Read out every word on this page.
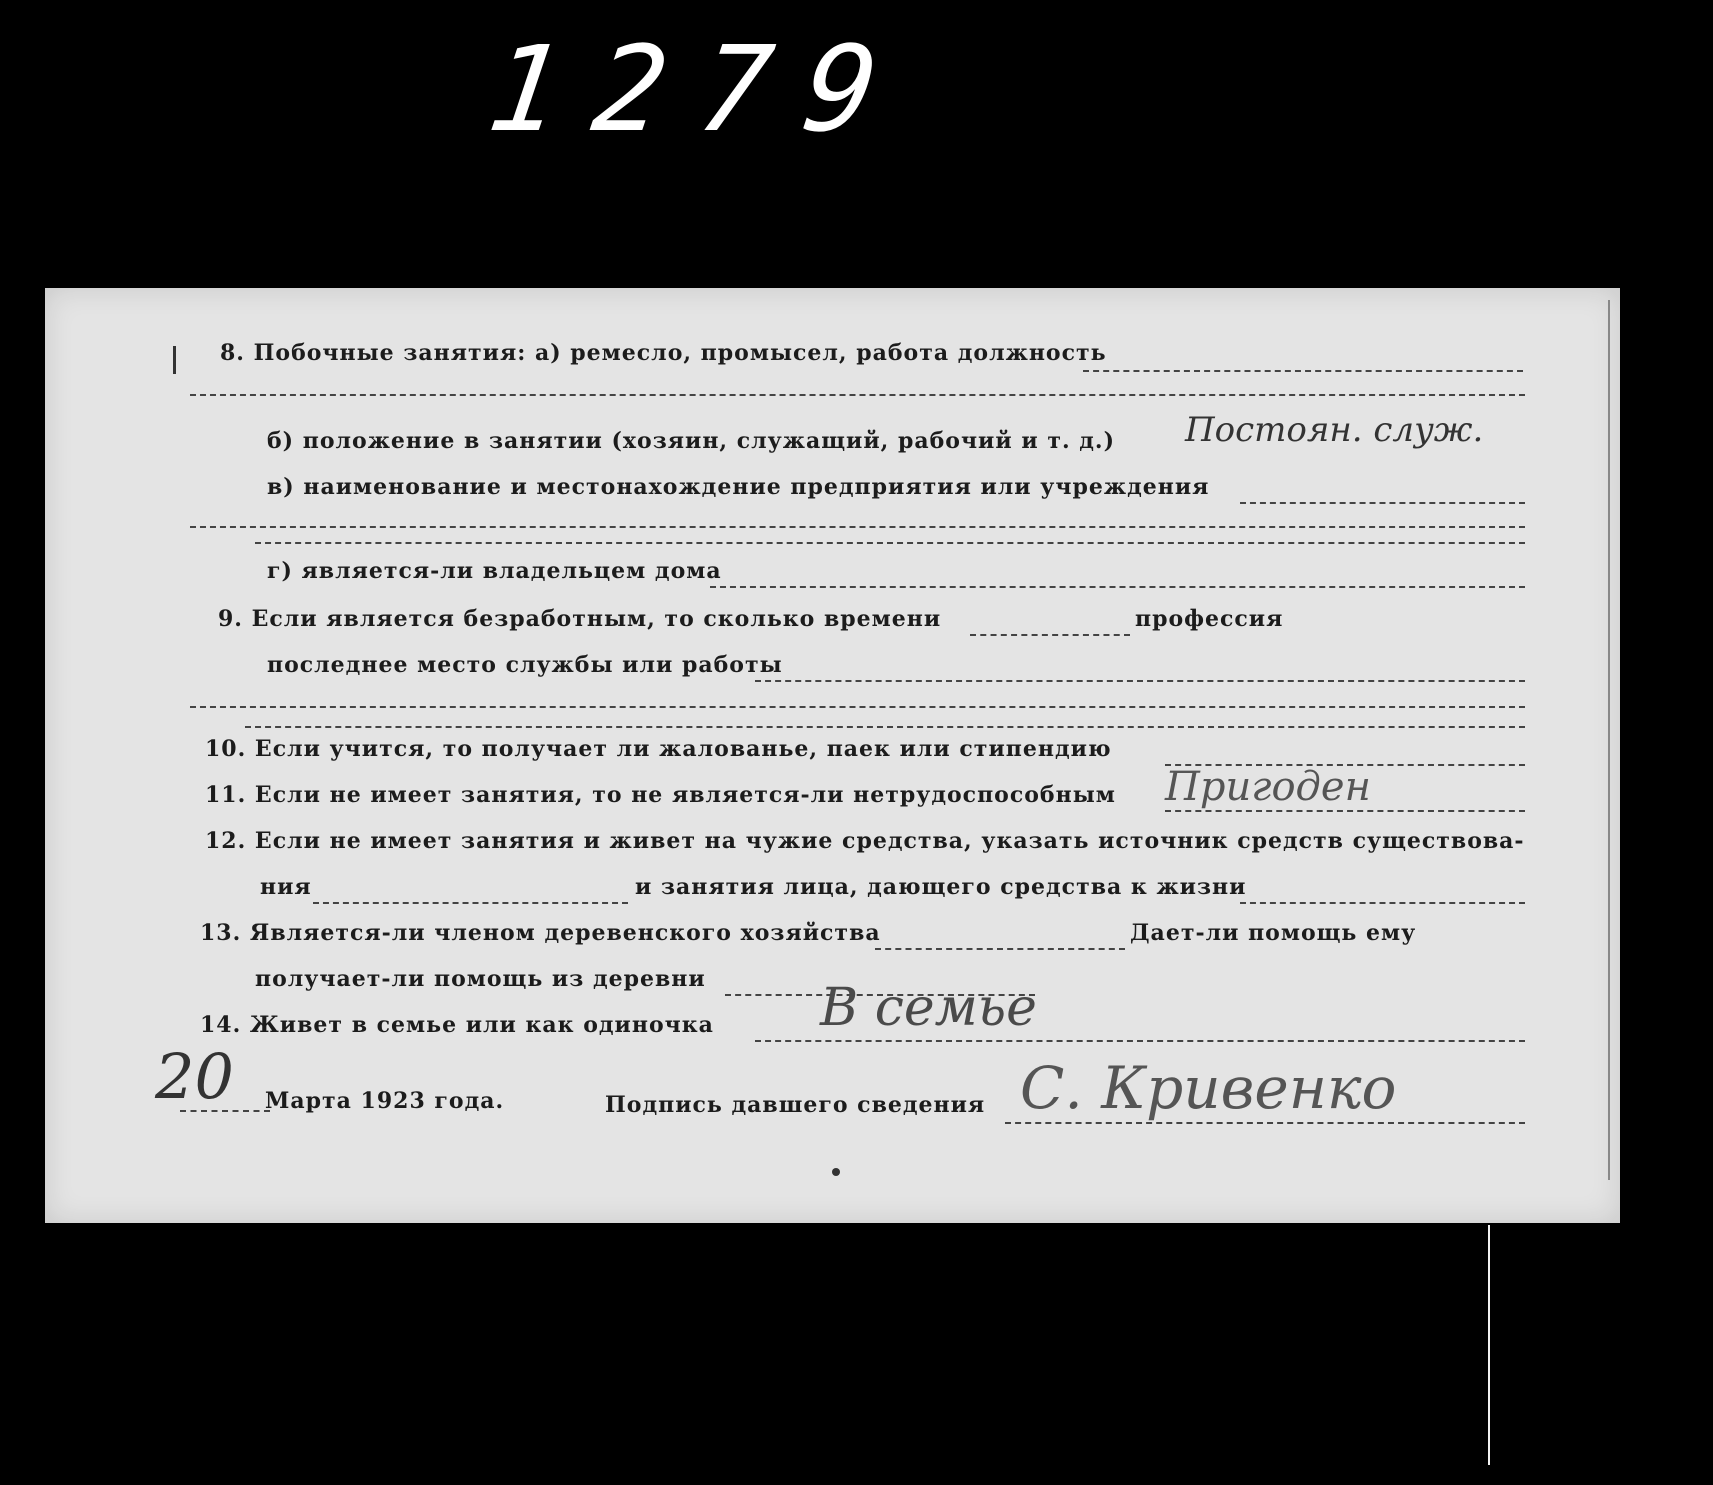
1279
8. Побочные занятия: а) ремесло, промысел, работа должность
б) положение в занятии (хозяин, служащий, рабочий и т. д.) Постоян. служ.
в) наименование и местонахождение предприятия или учреждения
г) является-ли владельцем дома
9. Если является безработным, то сколько времени	профессия
последнее место службы или работы
10. Если учится, то получает ли жалованье, паек или стипендию
11. Если не имеет занятия, то не является-ли нетрудоспособным Пригоден
12. Если не имеет занятия и живет на чужие средства, указать источник средств существова-
ния	и занятия лица, дающего средства к жизни
13. Является-ли членом деревенского хозяйства	Дает-ли помощь ему
получает-ли помощь из деревни
14. Живет в семье или как одиночка В семье
20 Марта 1923 года.	Подпись давшего сведения С. Кривенко
